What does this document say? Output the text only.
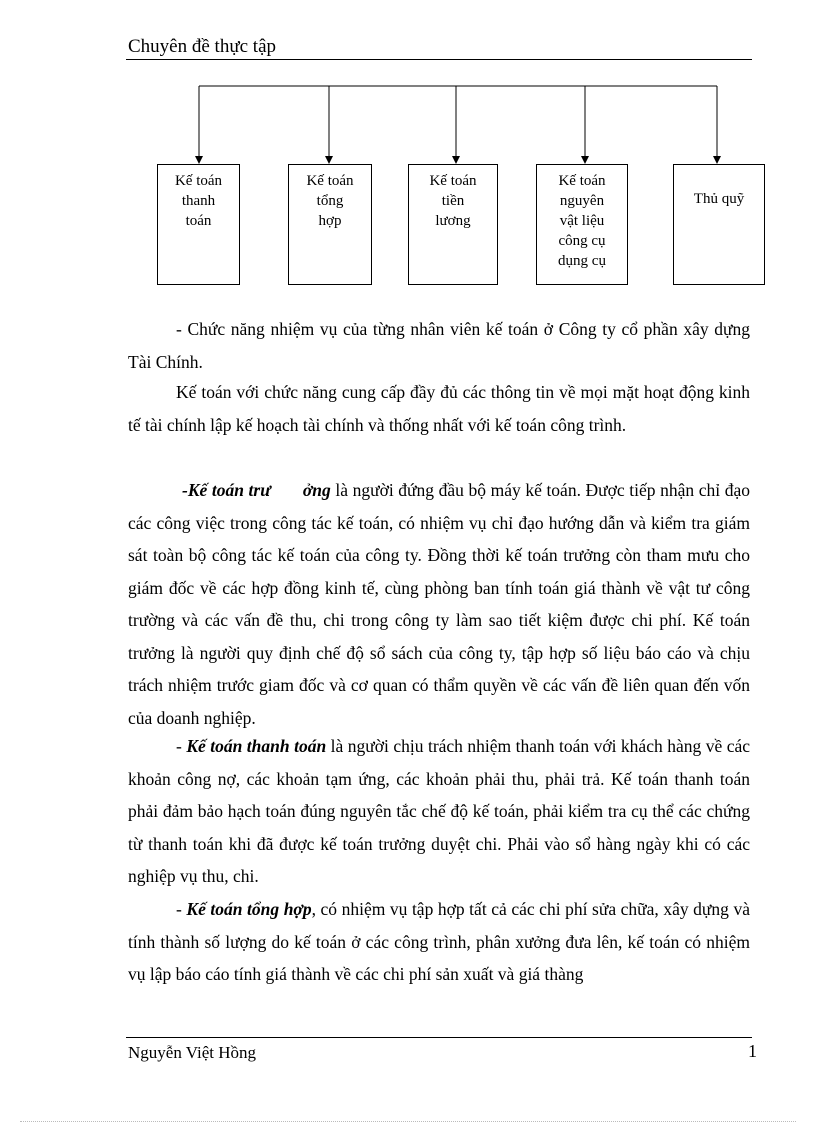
Chuyên đề thực tập
Kế toán
thanh
toán
Kế toán
tổng
hợp
Kế toán
tiền
lương
Kế toán
nguyên
vật liệu
công cụ
dụng cụ
Thủ quỹ
- Chức năng nhiệm vụ của từng nhân viên kế toán ở Công ty cổ phần xây dựng Tài Chính.
Kế toán với chức năng cung cấp đầy đủ các thông tin về mọi mặt hoạt động kinh tế tài chính lập kế hoạch tài chính và thống nhất với kế toán công trình.
-Kế toán trư       ởng là người đứng đầu bộ máy kế toán. Được tiếp nhận chỉ đạo các công việc trong công tác kế toán, có nhiệm vụ chỉ đạo hướng dẫn và kiểm tra giám sát toàn bộ công tác kế toán của công ty. Đồng thời kế toán trưởng còn tham mưu cho giám đốc về các hợp đồng kinh tế, cùng phòng ban tính toán giá thành về vật tư công trường và các vấn đề thu, chi trong công ty làm sao tiết kiệm được chi phí. Kế toán trưởng là người quy định chế độ sổ sách của công ty, tập hợp số liệu báo cáo và chịu trách nhiệm trước giam đốc và cơ quan có thẩm quyền về các vấn đề liên quan đến vốn của doanh nghiệp.
- Kế toán thanh toán là người chịu trách nhiệm thanh toán với khách hàng về các khoản công nợ, các khoản tạm ứng, các khoản phải thu, phải trả. Kế toán thanh toán phải đảm bảo hạch toán đúng nguyên tắc chế độ kế toán, phải kiểm tra cụ thể các chứng từ thanh toán khi đã được kế toán trưởng duyệt chi. Phải vào sổ hàng ngày khi có các nghiệp vụ thu, chi.
- Kế toán tổng hợp, có nhiệm vụ tập hợp tất cả các chi phí sửa chữa, xây dựng và tính thành số lượng do kế toán ở các công trình, phân xưởng đưa lên, kế toán có nhiệm vụ lập báo cáo tính giá thành về các chi phí sản xuất và giá thàng
Nguyễn Việt Hồng	1
